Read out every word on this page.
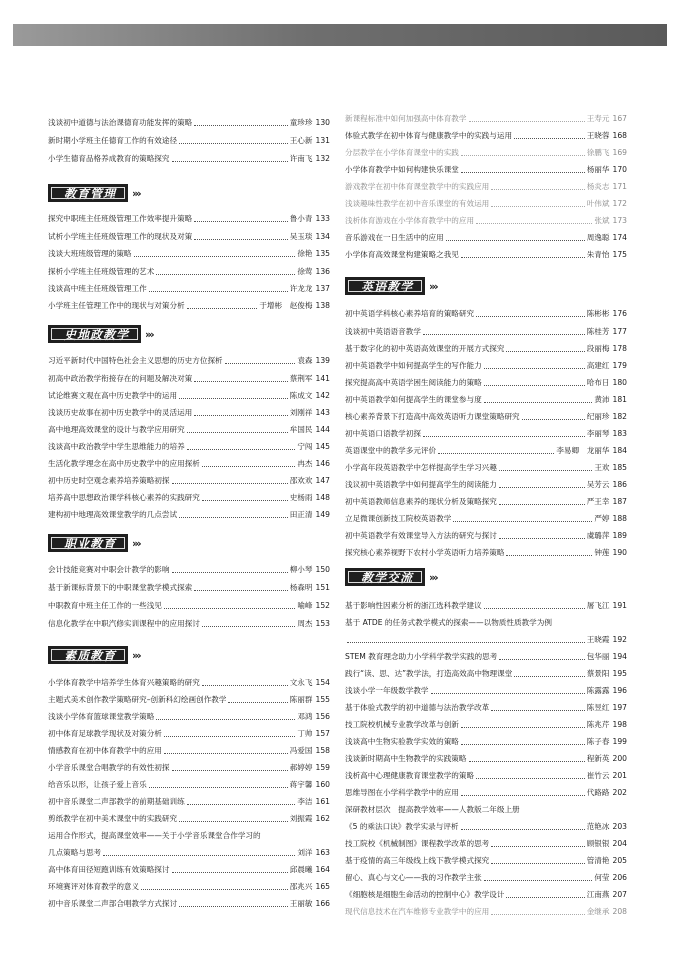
浅谈初中道德与法治课德育功能发挥的策略	童珍珍 130
新时期小学班主任德育工作的有效途径	王心新 131
小学生德育品格养成教育的策略探究	许南飞 132
教育管理	›››
探究中职班主任班级管理工作效率提升策略	鲁小青 133
试析小学班主任班级管理工作的现状及对策	吴玉琰 134
浅谈大班班级管理的策略	徐艳 135
探析小学班主任班级管理的艺术	徐莺 136
浅谈高中班主任班级管理工作	许龙龙 137
小学班主任管理工作中的现状与对策分析	于增彬　赵俊梅 138
史地政教学	›››
习近平新时代中国特色社会主义思想的历史方位探析	袁森 139
初高中政治教学衔接存在的问题及解决对策	蔡荆军 141
试论维赛文观在高中历史教学中的运用	陈成文 142
浅谈历史故事在初中历史教学中的灵活运用	刘刚祥 143
高中地理高效课堂的设计与教学应用研究	牟国民 144
浅谈高中政治教学中学生思维能力的培养	宁闯 145
生活化教学理念在高中历史教学中的应用探析	冉杰 146
初中历史时空观念素养培养策略初探	邵欢欢 147
培养高中思想政治课学科核心素养的实践研究	史杨雨 148
建构初中地理高效课堂教学的几点尝试	田正清 149
职业教育	›››
会计技能竞赛对中职会计教学的影响	柳小琴 150
基于新课标背景下的中职课堂教学模式探索	杨森明 151
中职教育中班主任工作的一些浅见	喻峰 152
信息化教学在中职汽修实训课程中的应用探讨	周杰 153
素质教育	›››
小学体育教学中培养学生体育兴趣策略的研究	文永飞 154
主题式美术创作教学策略研究–创新科幻绘画创作教学	陈丽群 155
浅谈小学体育篮球课堂教学策略	邓鸿 156
初中体育足球教学现状及对策分析	丁帅 157
情感教育在初中体育教学中的应用	冯爱国 158
小学音乐课堂合唱教学的有效性初探	郝婷婷 159
给音乐以形，让孩子爱上音乐	蒋宇馨 160
初中音乐课堂二声部教学的前期基础训练	李洁 161
剪纸教学在初中美术课堂中的实践研究	刘振霞 162
运用合作形式，提高课堂效率——关于小学音乐课堂合作学习的
几点策略与思考	刘洋 163
高中体育田径短跑训练有效策略探讨	邱晨曦 164
环境赛评对体育教学的意义	邵兆兴 165
初中音乐课堂二声部合唱教学方式探讨	王丽敏 166
新课程标准中如何加强高中体育教学	王寿元 167
体验式教学在初中体育与健康教学中的实践与运用	王晓蓉 168
分层教学在小学体育课堂中的实践	徐鹏飞 169
小学体育教学中如何构建快乐课堂	杨丽华 170
游戏教学在初中体育课堂教学中的实践应用	杨炎志 171
浅谈趣味性教学在初中音乐课堂的有效运用	叶伟斌 172
浅析体育游戏在小学体育教学中的应用	张斌 173
音乐游戏在一日生活中的应用	周逸聪 174
小学体育高效课堂构建策略之我见	朱青怡 175
英语教学	›››
初中英语学科核心素养培育的策略研究	陈彬彬 176
浅谈初中英语语音教学	陈桂芳 177
基于数字化的初中英语高效课堂的开展方式探究	段丽梅 178
初中英语教学中如何提高学生的写作能力	高建红 179
探究提高高中英语学困生阅读能力的策略	哈布日 180
初中英语教学如何提高学生的课堂参与度	黄沛 181
核心素养背景下打造高中高效英语听力课堂策略研究	纪丽珍 182
初中英语口语教学初探	李丽琴 183
英语课堂中的教学多元评价	李易卿　龙丽华 184
小学高年段英语教学中怎样提高学生学习兴趣	王欢 185
浅议初中英语教学中如何提高学生的阅读能力	吴芳云 186
初中英语教师信息素养的现状分析及策略探究	严王幸 187
立足微课创新技工院校英语教学	严婷 188
初中英语教学有效课堂导入方法的研究与探讨	虞璐萍 189
探究核心素养视野下农村小学英语听力培养策略	钟莲 190
教学交流	›››
基于影响性因素分析的浙江选科教学建议	屠飞江 191
基于 ATDE 的任务式教学模式的探索——以物质性质教学为例
王晓霞 192
STEM 教育理念助力小学科学教学实践的思考	包华丽 194
践行“读、思、达”教学法，打造高效高中物理课堂	蔡景阳 195
浅谈小学一年级数学教学	陈露露 196
基于体验式教学的初中道德与法治教学改革	陈昱红 197
技工院校机械专业教学改革与创新	陈兆芹 198
浅谈高中生物实验教学实效的策略	陈子春 199
浅谈新时期高中生物教学的实践策略	程新英 200
浅析高中心理健康教育课堂教学的策略	崔竹云 201
思维导图在小学科学教学中的应用	代路路 202
深研教材层次　提高教学效率——人教版二年级上册
《5 的乘法口诀》教学实录与评析	范艳冰 203
技工院校《机械制图》课程教学改革的思考	顾银银 204
基于疫情的高三年级线上线下教学模式探究	管清艳 205
留心、真心与文心——我的习作教学主张	何莹 206
《细胞核是细胞生命活动的控制中心》教学设计	江南燕 207
现代信息技术在汽车维修专业教学中的应用	金继承 208
